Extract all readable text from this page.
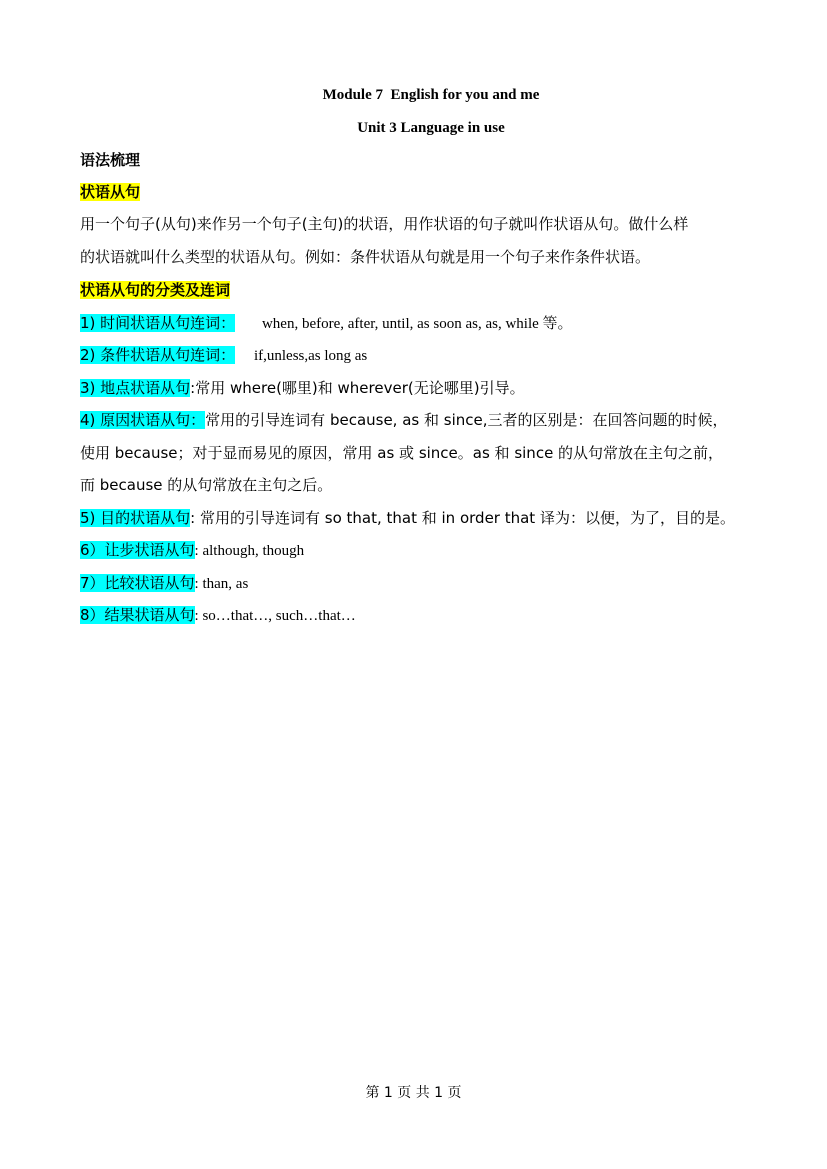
Module 7  English for you and me
Unit 3 Language in use
语法梳理
状语从句
用一个句子(从句)来作另一个句子(主句)的状语，用作状语的句子就叫作状语从句。做什么样
的状语就叫什么类型的状语从句。例如：条件状语从句就是用一个句子来作条件状语。
状语从句的分类及连词
1) 时间状语从句连词： when, before, after, until, as soon as, as, while 等。
2) 条件状语从句连词： if,unless,as long as
3) 地点状语从句:常用 where(哪里)和 wherever(无论哪里)引导。
4) 原因状语从句：常用的引导连词有 because, as 和 since,三者的区别是：在回答问题的时候，
使用 because；对于显而易见的原因，常用 as 或 since。as 和 since 的从句常放在主句之前，
而 because 的从句常放在主句之后。
5) 目的状语从句: 常用的引导连词有 so that, that 和 in order that 译为：以便，为了，目的是。
6）让步状语从句: although, though
7）比较状语从句: than, as
8）结果状语从句: so…that…, such…that…
第 1 页 共 1 页
